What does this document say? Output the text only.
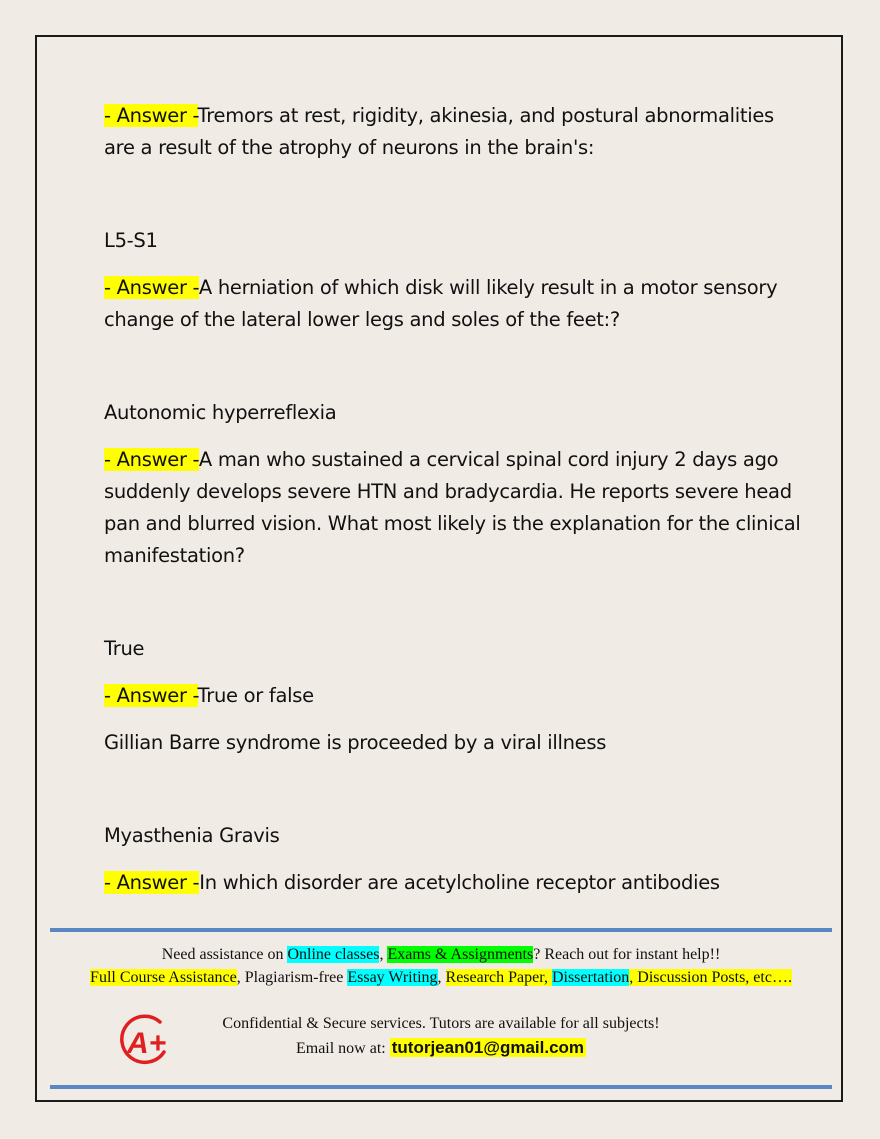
- Answer -Tremors at rest, rigidity, akinesia, and postural abnormalities are a result of the atrophy of neurons in the brain's:

L5-S1

- Answer -A herniation of which disk will likely result in a motor sensory change of the lateral lower legs and soles of the feet:?

Autonomic hyperreflexia

- Answer -A man who sustained a cervical spinal cord injury 2 days ago suddenly develops severe HTN and bradycardia. He reports severe head pan and blurred vision. What most likely is the explanation for the clinical manifestation?

True

- Answer -True or false

Gillian Barre syndrome is proceeded by a viral illness

Myasthenia Gravis

- Answer -In which disorder are acetylcholine receptor antibodies

Need assistance on Online classes, Exams & Assignments? Reach out for instant help!!
Full Course Assistance, Plagiarism-free Essay Writing, Research Paper, Dissertation, Discussion Posts, etc….
A+
Confidential & Secure services. Tutors are available for all subjects!
Email now at: tutorjean01@gmail.com
